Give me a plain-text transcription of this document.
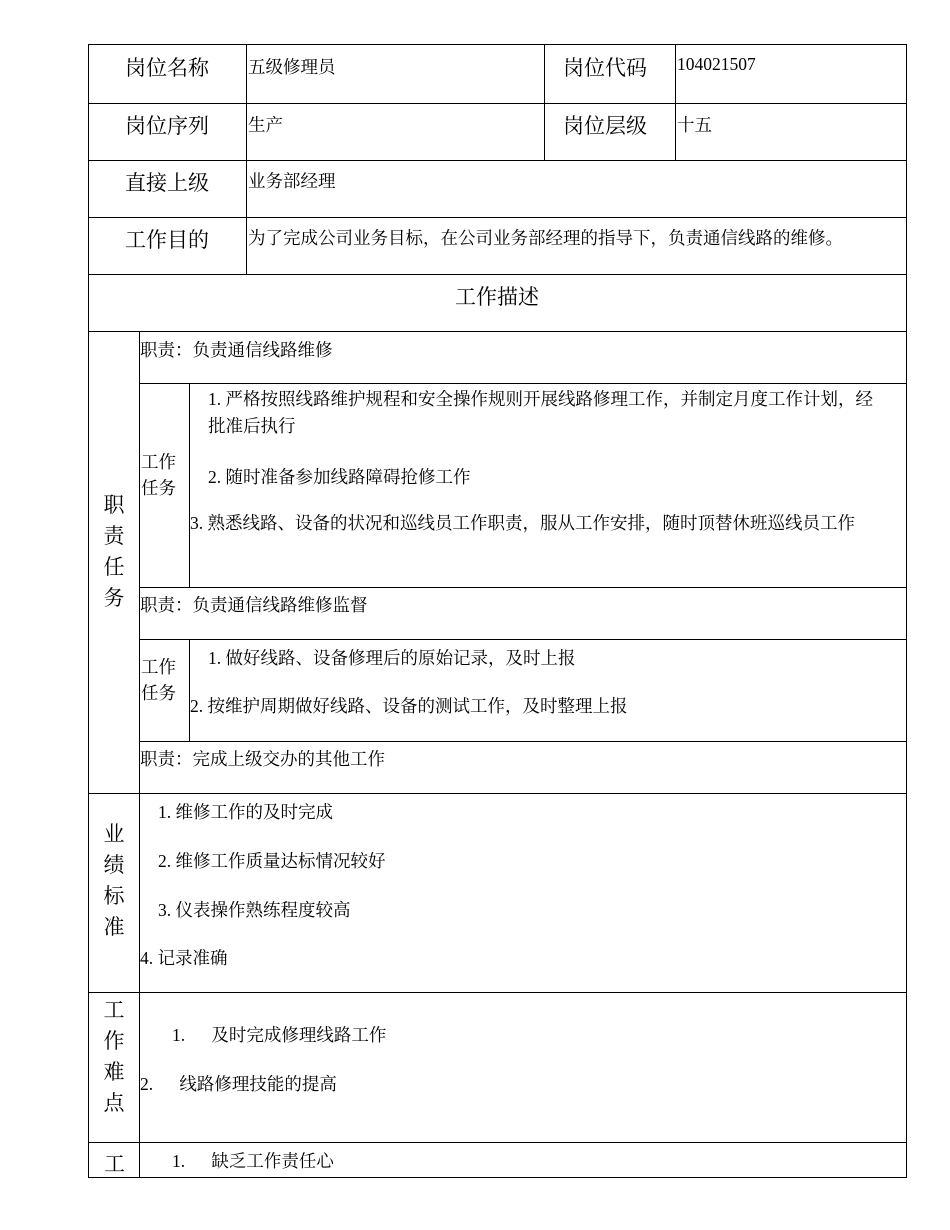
岗位名称 五级修理员	岗位代码 104021507
岗位序列 生产	岗位层级 十五
直接上级 业务部经理
工作目的 为了完成公司业务目标，在公司业务部经理的指导下，负责通信线路的维修。
工作描述
职责任务
职责：负责通信线路维修
工作任务
1. 严格按照线路维护规程和安全操作规则开展线路修理工作，并制定月度工作计划，经批准后执行
2. 随时准备参加线路障碍抢修工作
3. 熟悉线路、设备的状况和巡线员工作职责，服从工作安排，随时顶替休班巡线员工作
职责：负责通信线路维修监督
工作任务
1. 做好线路、设备修理后的原始记录，及时上报
2. 按维护周期做好线路、设备的测试工作，及时整理上报
职责：完成上级交办的其他工作
业绩标准
1. 维修工作的及时完成
2. 维修工作质量达标情况较好
3. 仪表操作熟练程度较高
4. 记录准确
工作难点
1.      及时完成修理线路工作
2.      线路修理技能的提高
工	1.      缺乏工作责任心
